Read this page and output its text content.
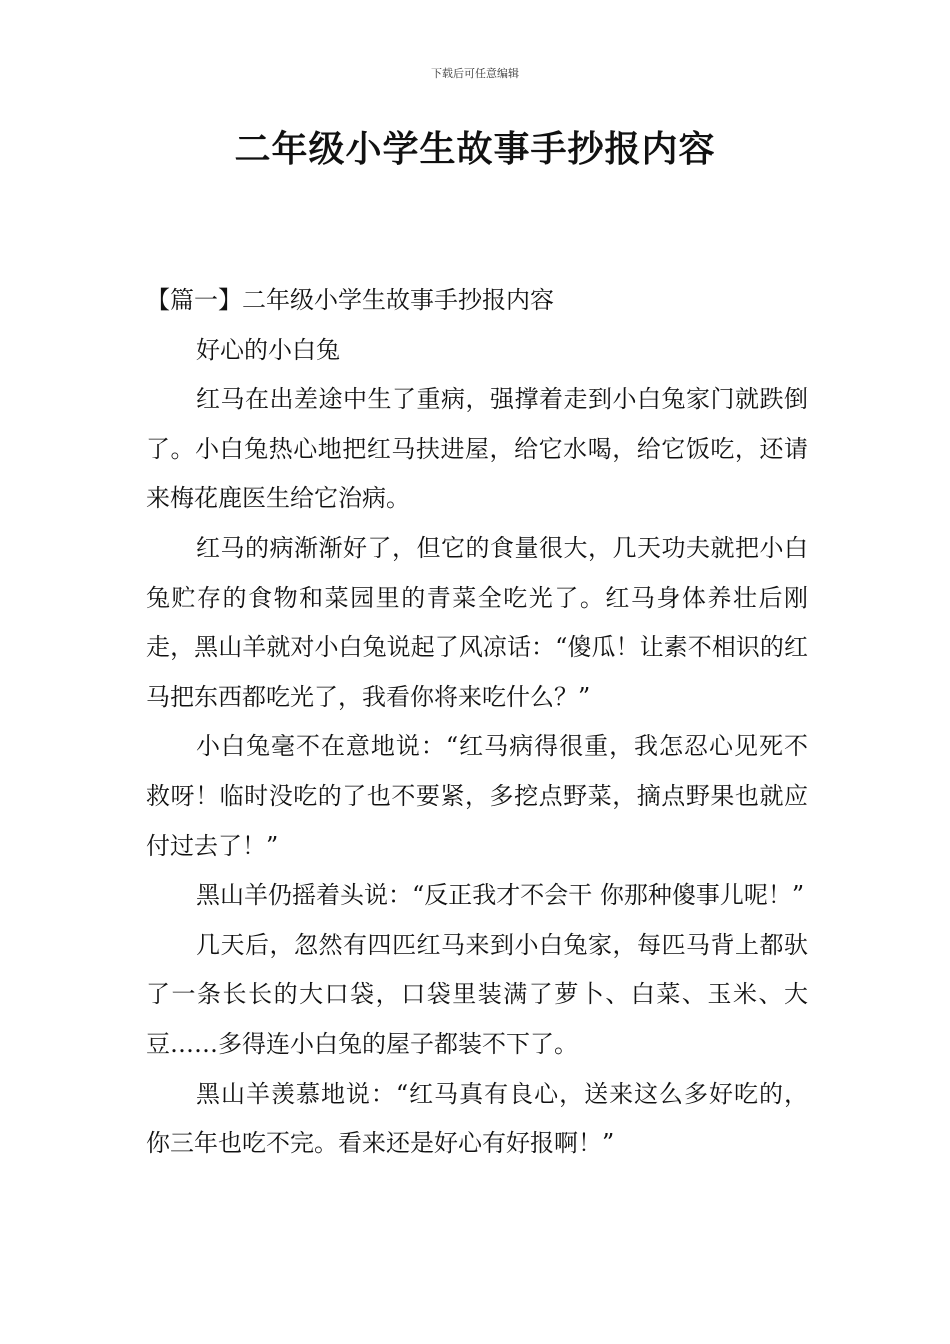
下载后可任意编辑
二年级小学生故事手抄报内容

【篇一】二年级小学生故事手抄报内容

好心的小白兔

红马在出差途中生了重病，强撑着走到小白兔家门就跌倒了。小白兔热心地把红马扶进屋，给它水喝，给它饭吃，还请来梅花鹿医生给它治病。

红马的病渐渐好了，但它的食量很大，几天功夫就把小白兔贮存的食物和菜园里的青菜全吃光了。红马身体养壮后刚走，黑山羊就对小白兔说起了风凉话：“傻瓜！让素不相识的红马把东西都吃光了，我看你将来吃什么？”

小白兔毫不在意地说：“红马病得很重，我怎忍心见死不救呀！临时没吃的了也不要紧，多挖点野菜，摘点野果也就应付过去了！”

黑山羊仍摇着头说：“反正我才不会干 你那种傻事儿呢！”

几天后，忽然有四匹红马来到小白兔家，每匹马背上都驮了一条长长的大口袋，口袋里装满了萝卜、白菜、玉米、大豆……多得连小白兔的屋子都装不下了。

黑山羊羡慕地说：“红马真有良心，送来这么多好吃的，你三年也吃不完。看来还是好心有好报啊！”
